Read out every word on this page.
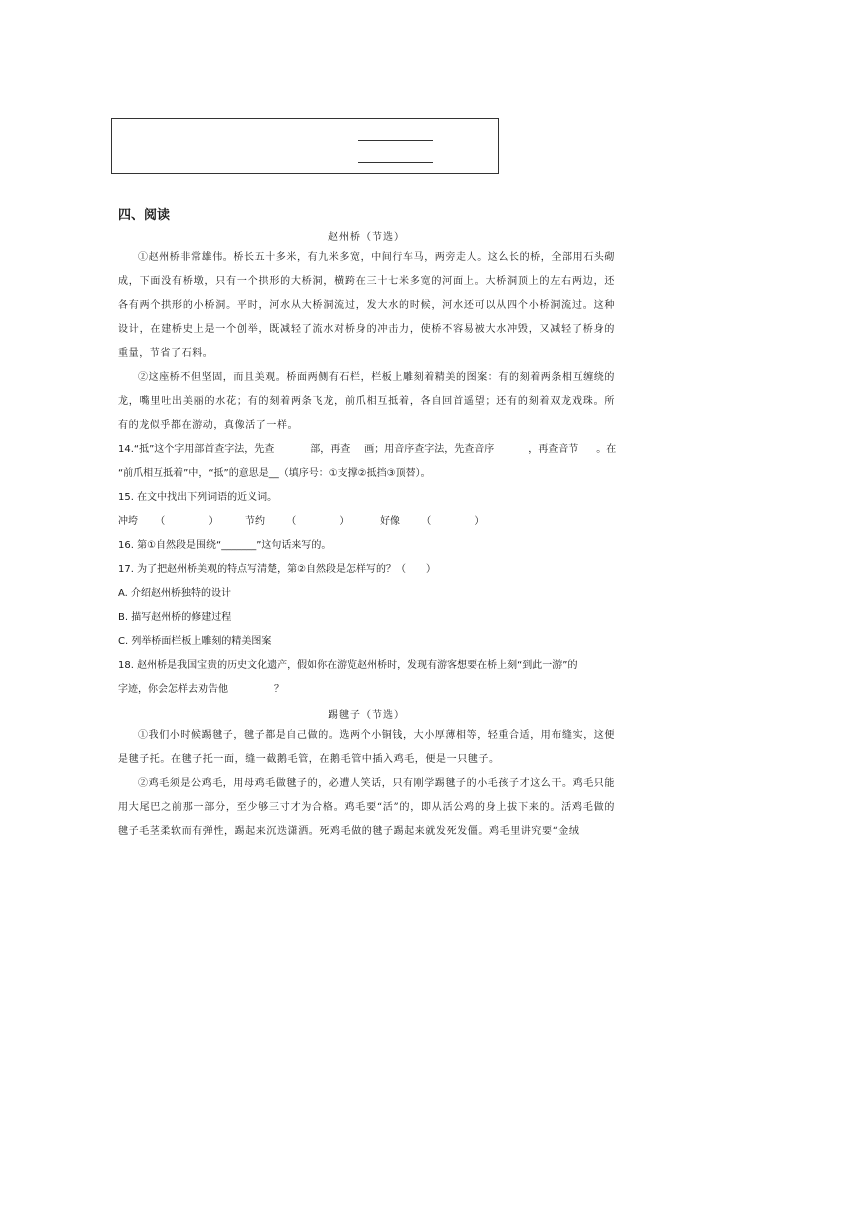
四、阅读
赵州桥（节选）
①赵州桥非常雄伟。桥长五十多米，有九米多宽，中间行车马，两旁走人。这么长的桥，全部用石头砌成，下面没有桥墩，只有一个拱形的大桥洞，横跨在三十七米多宽的河面上。大桥洞顶上的左右两边，还各有两个拱形的小桥洞。平时，河水从大桥洞流过，发大水的时候，河水还可以从四个小桥洞流过。这种设计，在建桥史上是一个创举，既减轻了流水对桥身的冲击力，使桥不容易被大水冲毁，又减轻了桥身的重量，节省了石料。
②这座桥不但坚固，而且美观。桥面两侧有石栏，栏板上雕刻着精美的图案：有的刻着两条相互缠绕的龙，嘴里吐出美丽的水花；有的刻着两条飞龙，前爪相互抵着，各自回首遥望；还有的刻着双龙戏珠。所有的龙似乎都在游动，真像活了一样。
14.“抵”这个字用部首查字法，先查	部，再查 画；用音序查字法，先查音序	，再查音节 。在
“前爪相互抵着”中，“抵”的意思是__（填序号：①支撑②抵挡③顶替）。
15. 在文中找出下列词语的近义词。
冲垮 （ ） 节约 （ ） 好像 （ ）
16. 第①自然段是围绕“_______”这句话来写的。
17. 为了把赵州桥美观的特点写清楚，第②自然段是怎样写的？（　　）
A. 介绍赵州桥独特的设计
B. 描写赵州桥的修建过程
C. 列举桥面栏板上雕刻的精美图案
18. 赵州桥是我国宝贵的历史文化遗产，假如你在游览赵州桥时，发现有游客想要在桥上刻“到此一游”的
字迹，你会怎样去劝告他	？
踢毽子（节选）
①我们小时候踢毽子，毽子都是自己做的。选两个小铜钱，大小厚薄相等，轻重合适，用布缝实，这便是毽子托。在毽子托一面，缝一截鹅毛管，在鹅毛管中插入鸡毛，便是一只毽子。
②鸡毛须是公鸡毛，用母鸡毛做毽子的，必遭人笑话，只有刚学踢毽子的小毛孩子才这么干。鸡毛只能用大尾巴之前那一部分，至少够三寸才为合格。鸡毛要“活”的，即从活公鸡的身上拔下来的。活鸡毛做的毽子毛茎柔软而有弹性，踢起来沉迭潇洒。死鸡毛做的毽子踢起来就发死发僵。鸡毛里讲究要“金绒
